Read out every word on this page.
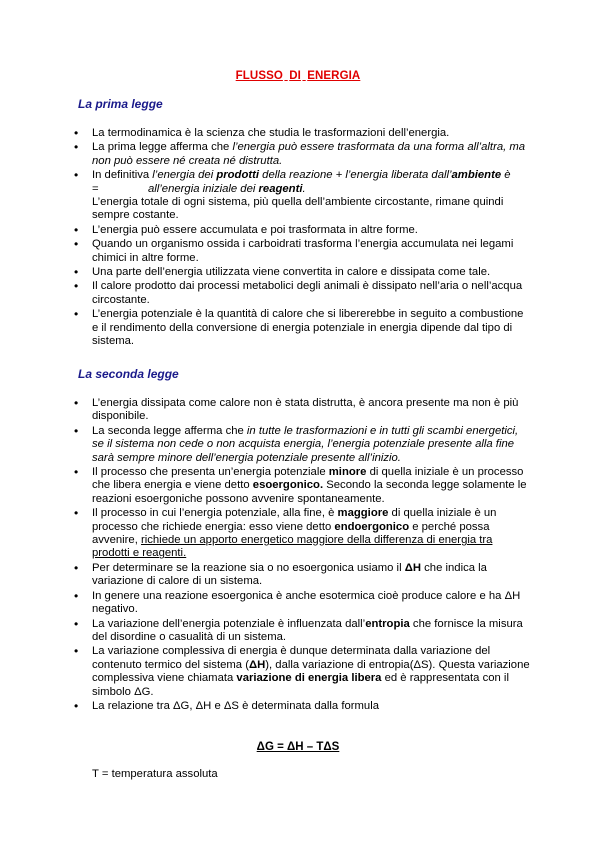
FLUSSO DI ENERGIA
La prima legge
• La termodinamica è la scienza che studia le trasformazioni dell’energia.
• La prima legge afferma che l’energia può essere trasformata da una forma all’altra, ma non può essere né creata né distrutta.
• In definitiva l’energia dei prodotti della reazione + l’energia liberata dall’ambiente è
=	all’energia iniziale dei reagenti.
L’energia totale di ogni sistema, più quella dell’ambiente circostante, rimane quindi sempre costante.
• L’energia può essere accumulata e poi trasformata in altre forme.
• Quando un organismo ossida i carboidrati trasforma l’energia accumulata nei legami chimici in altre forme.
• Una parte dell’energia utilizzata viene convertita in calore e dissipata come tale.
• Il calore prodotto dai processi metabolici degli animali è dissipato nell’aria o nell’acqua circostante.
• L’energia potenziale è la quantità di calore che si libererebbe in seguito a combustione e il rendimento della conversione di energia potenziale in energia dipende dal tipo di sistema.
La seconda legge
• L’energia dissipata come calore non è stata distrutta, è ancora presente ma non è più disponibile.
• La seconda legge afferma che in tutte le trasformazioni e in tutti gli scambi energetici, se il sistema non cede o non acquista energia, l’energia potenziale presente alla fine sarà sempre minore dell’energia potenziale presente all’inizio.
• Il processo che presenta un’energia potenziale minore di quella iniziale è un processo che libera energia e viene detto esoergonico. Secondo la seconda legge solamente le reazioni esoergoniche possono avvenire spontaneamente.
• Il processo in cui l’energia potenziale, alla fine, è maggiore di quella iniziale è un processo che richiede energia: esso viene detto endoergonico e perché possa avvenire, richiede un apporto energetico maggiore della differenza di energia tra prodotti e reagenti.
• Per determinare se la reazione sia o no esoergonica usiamo il ΔH che indica la variazione di calore di un sistema.
• In genere una reazione esoergonica è anche esotermica cioè produce calore e ha ΔH negativo.
• La variazione dell’energia potenziale è influenzata dall’entropia che fornisce la misura del disordine o casualità di un sistema.
• La variazione complessiva di energia è dunque determinata dalla variazione del contenuto termico del sistema (ΔH), dalla variazione di entropia(ΔS). Questa variazione complessiva viene chiamata variazione di energia libera ed è rappresentata con il simbolo ΔG.
• La relazione tra ΔG, ΔH e ΔS è determinata dalla formula
ΔG = ΔH – TΔS
T = temperatura assoluta
